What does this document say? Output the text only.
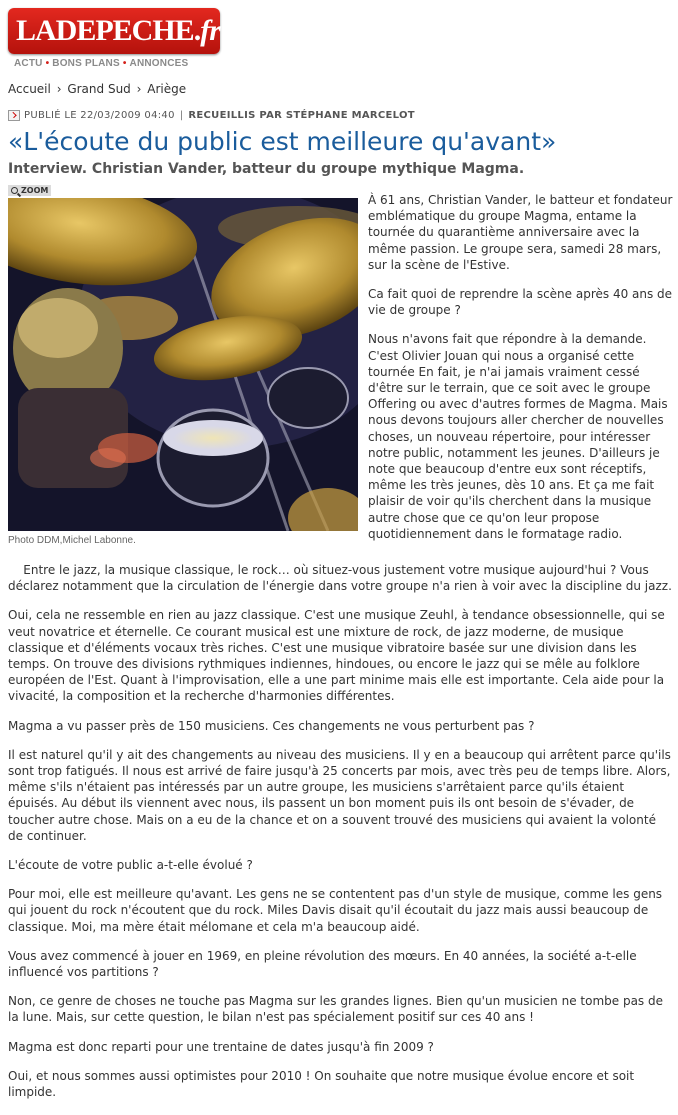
LADEPECHE.fr
ACTU • BONS PLANS • ANNONCES
Accueil › Grand Sud › Ariège
PUBLIÉ LE 22/03/2009 04:40 | RECUEILLIS PAR STÉPHANE MARCELOT
«L'écoute du public est meilleure qu'avant»
Interview. Christian Vander, batteur du groupe mythique Magma.
ZOOM
Photo DDM,Michel Labonne.

À 61 ans, Christian Vander, le batteur et fondateur emblématique du groupe Magma, entame la tournée du quarantième anniversaire avec la même passion. Le groupe sera, samedi 28 mars, sur la scène de l'Estive.

Ca fait quoi de reprendre la scène après 40 ans de vie de groupe ?

Nous n'avons fait que répondre à la demande. C'est Olivier Jouan qui nous a organisé cette tournée En fait, je n'ai jamais vraiment cessé d'être sur le terrain, que ce soit avec le groupe Offering ou avec d'autres formes de Magma. Mais nous devons toujours aller chercher de nouvelles choses, un nouveau répertoire, pour intéresser notre public, notamment les jeunes. D'ailleurs je note que beaucoup d'entre eux sont réceptifs, même les très jeunes, dès 10 ans. Et ça me fait plaisir de voir qu'ils cherchent dans la musique autre chose que ce qu'on leur propose quotidiennement dans le formatage radio.

Entre le jazz, la musique classique, le rock… où situez-vous justement votre musique aujourd'hui ? Vous déclarez notamment que la circulation de l'énergie dans votre groupe n'a rien à voir avec la discipline du jazz.

Oui, cela ne ressemble en rien au jazz classique. C'est une musique Zeuhl, à tendance obsessionnelle, qui se veut novatrice et éternelle. Ce courant musical est une mixture de rock, de jazz moderne, de musique classique et d'éléments vocaux très riches. C'est une musique vibratoire basée sur une division dans les temps. On trouve des divisions rythmiques indiennes, hindoues, ou encore le jazz qui se mêle au folklore européen de l'Est. Quant à l'improvisation, elle a une part minime mais elle est importante. Cela aide pour la vivacité, la composition et la recherche d'harmonies différentes.

Magma a vu passer près de 150 musiciens. Ces changements ne vous perturbent pas ?

Il est naturel qu'il y ait des changements au niveau des musiciens. Il y en a beaucoup qui arrêtent parce qu'ils sont trop fatigués. Il nous est arrivé de faire jusqu'à 25 concerts par mois, avec très peu de temps libre. Alors, même s'ils n'étaient pas intéressés par un autre groupe, les musiciens s'arrêtaient parce qu'ils étaient épuisés. Au début ils viennent avec nous, ils passent un bon moment puis ils ont besoin de s'évader, de toucher autre chose. Mais on a eu de la chance et on a souvent trouvé des musiciens qui avaient la volonté de continuer.

L'écoute de votre public a-t-elle évolué ?

Pour moi, elle est meilleure qu'avant. Les gens ne se contentent pas d'un style de musique, comme les gens qui jouent du rock n'écoutent que du rock. Miles Davis disait qu'il écoutait du jazz mais aussi beaucoup de classique. Moi, ma mère était mélomane et cela m'a beaucoup aidé.

Vous avez commencé à jouer en 1969, en pleine révolution des mœurs. En 40 années, la société a-t-elle influencé vos partitions ?

Non, ce genre de choses ne touche pas Magma sur les grandes lignes. Bien qu'un musicien ne tombe pas de la lune. Mais, sur cette question, le bilan n'est pas spécialement positif sur ces 40 ans !

Magma est donc reparti pour une trentaine de dates jusqu'à fin 2009 ?

Oui, et nous sommes aussi optimistes pour 2010 ! On souhaite que notre musique évolue encore et soit limpide.
